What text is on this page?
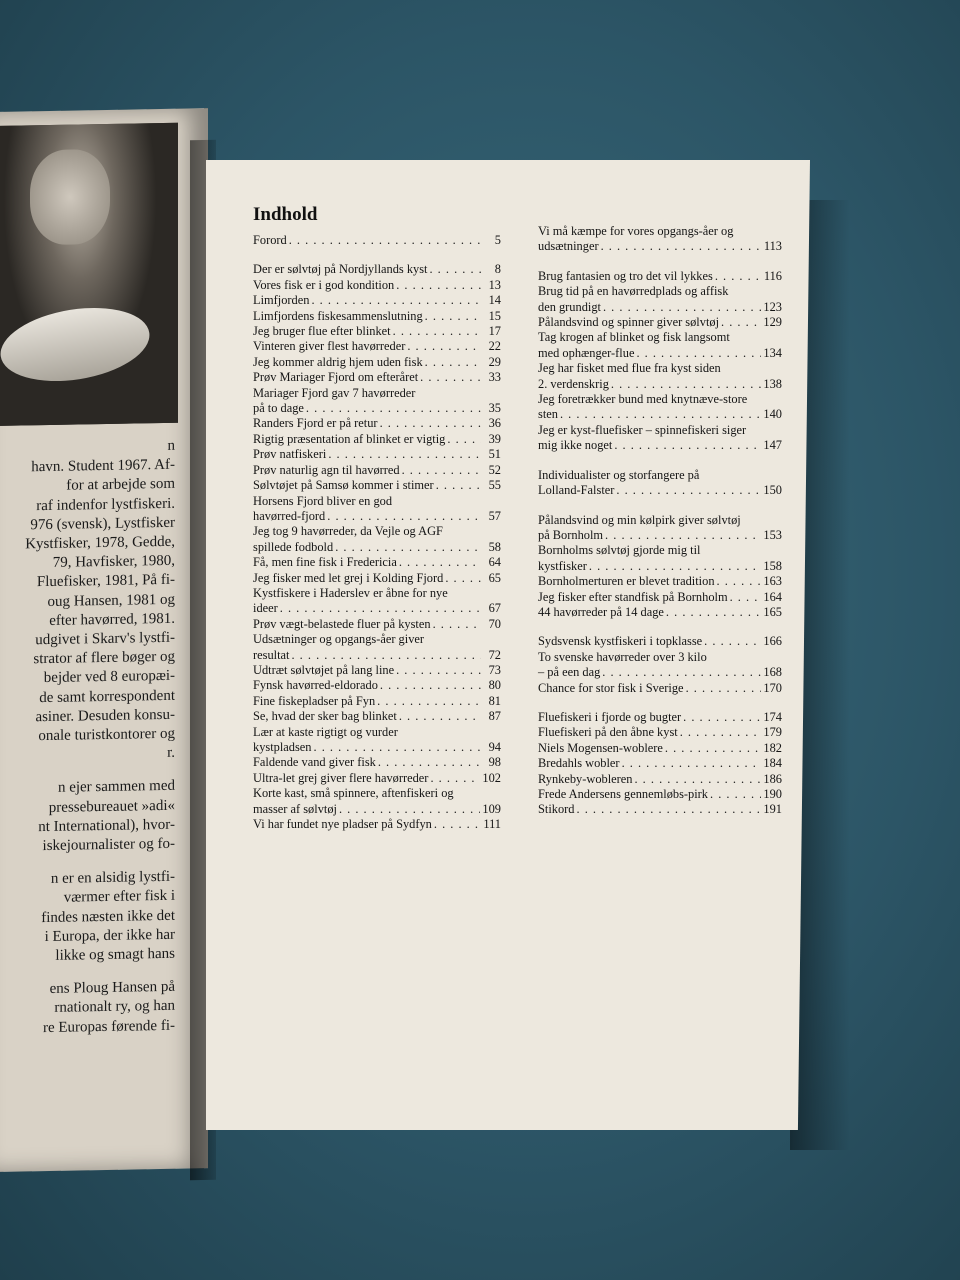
n
havn. Student 1967. Af-
for at arbejde som
raf indenfor lystfiskeri.
976 (svensk), Lystfisker
Kystfisker, 1978, Gedde,
79, Havfisker, 1980,
Fluefisker, 1981, På fi-
oug Hansen, 1981 og
efter havørred, 1981.
udgivet i Skarv's lystfi-
strator af flere bøger og
bejder ved 8 europæi-
de samt korrespondent
asiner. Desuden konsu-
onale turistkontorer og
r.
n ejer sammen med
pressebureauet »adi«
nt International), hvor-
iskejournalister og fo-
n er en alsidig lystfi-
værmer efter fisk i
findes næsten ikke det
i Europa, der ikke har
likke og smagt hans
ens Ploug Hansen på
rnationalt ry, og han
re Europas førende fi-
Indhold
Forord . . .	5
Der er sølvtøj på Nordjyllands kyst . . .	8
Vores fisk er i god kondition . . .	13
Limfjorden . . .	14
Limfjordens fiskesammenslutning . . .	15
Jeg bruger flue efter blinket . . .	17
Vinteren giver flest havørreder . . .	22
Jeg kommer aldrig hjem uden fisk . . .	29
Prøv Mariager Fjord om efteråret . . .	33
Mariager Fjord gav 7 havørreder
på to dage . . .	35
Randers Fjord er på retur . . .	36
Rigtig præsentation af blinket er vigtig . . .	39
Prøv natfiskeri . . .	51
Prøv naturlig agn til havørred . . .	52
Sølvtøjet på Samsø kommer i stimer . . .	55
Horsens Fjord bliver en god
havørred-fjord . . .	57
Jeg tog 9 havørreder, da Vejle og AGF
spillede fodbold . . .	58
Få, men fine fisk i Fredericia . . .	64
Jeg fisker med let grej i Kolding Fjord . . .	65
Kystfiskere i Haderslev er åbne for nye
ideer . . .	67
Prøv vægt-belastede fluer på kysten . . .	70
Udsætninger og opgangs-åer giver
resultat . . .	72
Udtræt sølvtøjet på lang line . . .	73
Fynsk havørred-eldorado . . .	80
Fine fiskepladser på Fyn . . .	81
Se, hvad der sker bag blinket . . .	87
Lær at kaste rigtigt og vurder
kystpladsen . . .	94
Faldende vand giver fisk . . .	98
Ultra-let grej giver flere havørreder . . .	102
Korte kast, små spinnere, aftenfiskeri og
masser af sølvtøj . . .	109
Vi har fundet nye pladser på Sydfyn . . .	111
Vi må kæmpe for vores opgangs-åer og
udsætninger . . .	113
Brug fantasien og tro det vil lykkes . . .	116
Brug tid på en havørredplads og affisk
den grundigt . . .	123
Pålandsvind og spinner giver sølvtøj . . .	129
Tag krogen af blinket og fisk langsomt
med ophænger-flue . . .	134
Jeg har fisket med flue fra kyst siden
2. verdenskrig . . .	138
Jeg foretrækker bund med knytnæve-store
sten . . .	140
Jeg er kyst-fluefisker – spinnefiskeri siger
mig ikke noget . . .	147
Individualister og storfangere på
Lolland-Falster . . .	150
Pålandsvind og min kølpirk giver sølvtøj
på Bornholm . . .	153
Bornholms sølvtøj gjorde mig til
kystfisker . . .	158
Bornholmerturen er blevet tradition . . .	163
Jeg fisker efter standfisk på Bornholm . . .	164
44 havørreder på 14 dage . . .	165
Sydsvensk kystfiskeri i topklasse . . .	166
To svenske havørreder over 3 kilo
– på een dag . . .	168
Chance for stor fisk i Sverige . . .	170
Fluefiskeri i fjorde og bugter . . .	174
Fluefiskeri på den åbne kyst . . .	179
Niels Mogensen-woblere . . .	182
Bredahls wobler . . .	184
Rynkeby-wobleren . . .	186
Frede Andersens gennemløbs-pirk . . .	190
Stikord . . .	191
